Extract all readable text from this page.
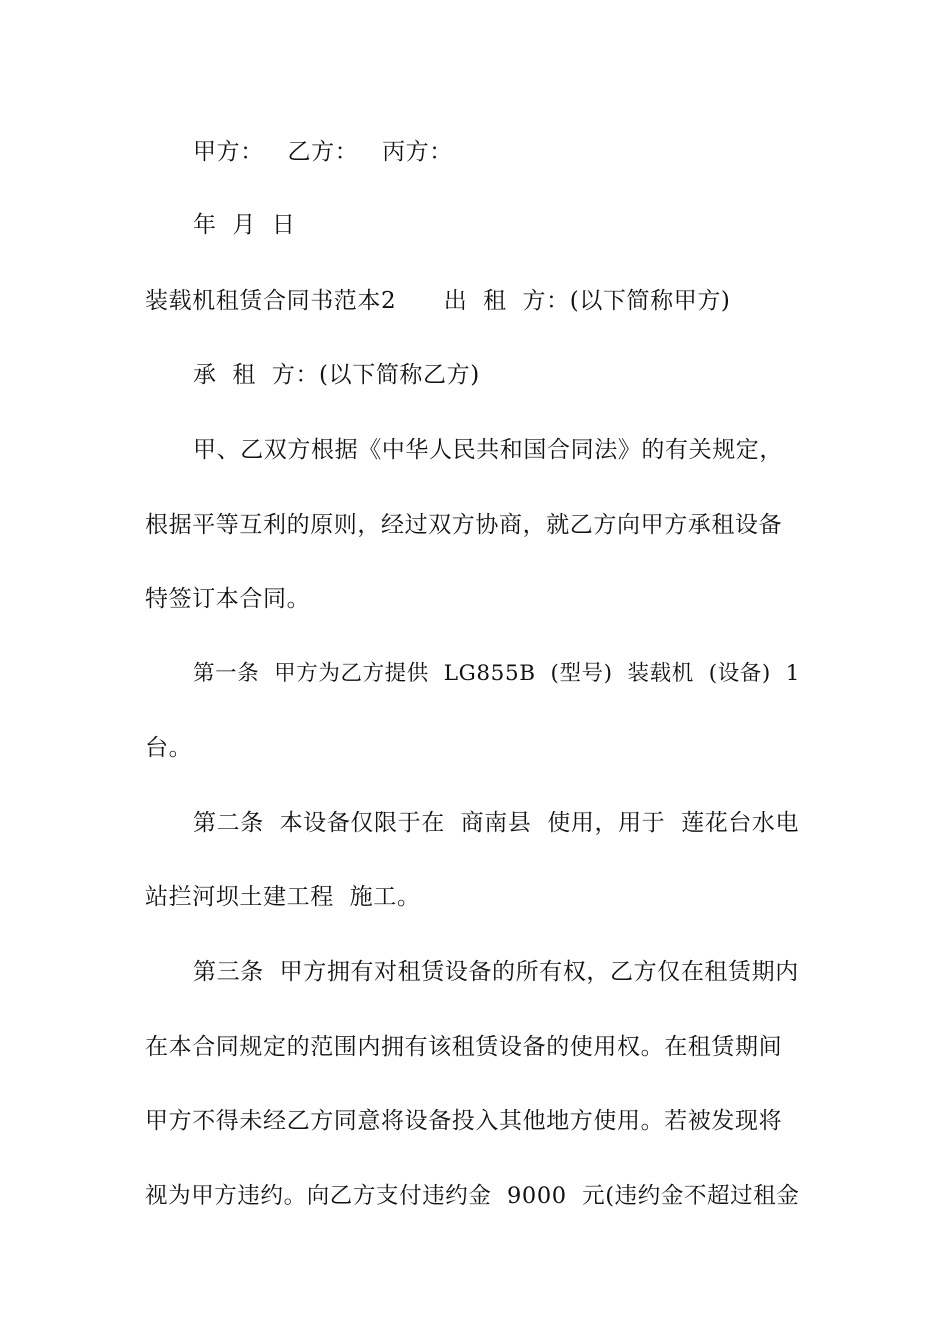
甲方：   乙方：   丙方：
年  月  日
装载机租赁合同书范本2      出  租  方：(以下简称甲方)
承  租  方：(以下简称乙方)
甲、乙双方根据《中华人民共和国合同法》的有关规定，
根据平等互利的原则，经过双方协商，就乙方向甲方承租设备
特签订本合同。
第一条  甲方为乙方提供  LG855B  (型号)  装载机  (设备)  1
台。
第二条  本设备仅限于在  商南县  使用，用于  莲花台水电
站拦河坝土建工程  施工。
第三条  甲方拥有对租赁设备的所有权，乙方仅在租赁期内
在本合同规定的范围内拥有该租赁设备的使用权。在租赁期间
甲方不得未经乙方同意将设备投入其他地方使用。若被发现将
视为甲方违约。向乙方支付违约金  9000  元(违约金不超过租金
